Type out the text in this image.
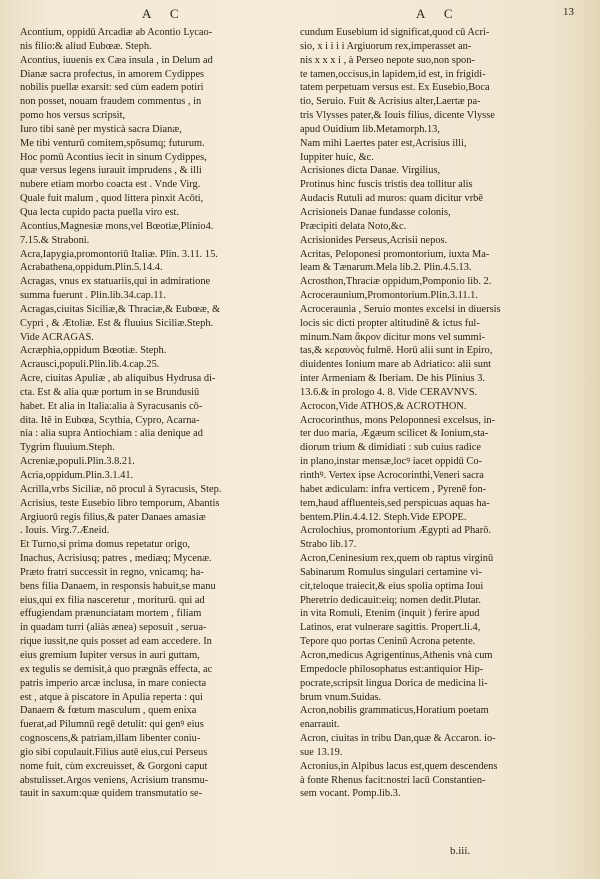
A C	A C	13
Acontium, oppidū Arcadiæ ab Acontio Lycao-
nis filio:& aliud Eubœæ. Steph.
Acontius, iuuenis ex Cæa insula , in Delum ad
Dianæ sacra profectus, in amorem Cydippes
nobilis puellæ exarsit: sed cùm eadem potiri
non posset, nouam fraudem commentus , in
pomo hos versus scripsit,
Iuro tibi sanè per mysticà sacra Dianæ,
Me tibi venturū comitem,spōsumq; futurum.
Hoc pomū Acontius iecit in sinum Cydippes,
quæ versus legens iurauit imprudens , & illi
nubere etiam morbo coacta est . Vnde Virg.
Quale fuit malum , quod littera pinxit Acōti,
Qua lecta cupido pacta puella viro est.
Acontius,Magnesiæ mons,vel Bœotiæ,Plinio4.
7.15.& Straboni.
Acra,Iapygia,promontoriū Italiæ. Plin. 3.11. 15.
Acrabathena,oppidum.Plin.5.14.4.
Acragas, vnus ex statuariis,qui in admiratione
summa fuerunt . Plin.lib.34.cap.11.
Acragas,ciuitas Siciliæ,& Thraciæ,& Eubœæ, &
Cypri , & Ætoliæ. Est & fluuius Siciliæ.Steph.
Vide ACRAGAS.
Acræphia,oppidum Bœotiæ. Steph.
Acrausci,populi.Plin.lib.4.cap.25.
Acre, ciuitas Apuliæ , ab aliquibus Hydrusa di-
cta. Est & alia quæ portum in se Brundusiū
habet. Et alia in Italia:alia à Syracusanis cō-
dita. Itē in Eubœa, Scythia, Cypro, Acarna-
nia : alia supra Antiochiam : alia denique ad
Tygrim fluuium.Steph.
Acreniæ,populi.Plin.3.8.21.
Acria,oppidum.Plin.3.1.41.
Acrilla,vrbs Siciliæ, nō procul à Syracusis, Step.
Acrisius, teste Eusebio libro temporum, Abantis
Argiuorū regis filius,& pater Danaes amasiæ
. Iouis. Virg.7.Æneid.
Et Turno,si prima domus repetatur origo,
Inachus, Acrisiusq; patres , mediæq; Mycenæ.
Præto fratri successit in regno, vnicamq; ha-
bens filia Danaem, in responsis habuit,se manu
eius,qui ex filia nasceretur , moriturū. qui ad
effugiendam prænunciatam mortem , filiam
in quadam turri (aliàs ænea) seposuit , serua-
rique iussit,ne quis posset ad eam accedere. In
eius gremium Iupiter versus in auri guttam,
ex tegulis se demisit,à quo prægnās effecta, ac
patris imperio arcæ inclusa, in mare coniecta
est , atque à piscatore in Apulia reperta : qui
Danaem & fœtum masculum , quem enixa
fuerat,ad Pilumnū regē detulit: qui genꝰ eius
cognoscens,& patriam,illam libenter coniu-
gio sibi copulauit.Filius autē eius,cui Perseus
nome fuit, cùm excreuisset, & Gorgoni caput
abstulisset.Argos veniens, Acrisium transmu-
tauit in saxum:quæ quidem transmutatio se-
cundum Eusebium id significat,quod cū Acri-
sio, x i i i i Argiuorum rex,imperasset an-
nis x x x i , à Perseo nepote suo,non spon-
te tamen,occisus,in lapidem,id est, in frigidi-
tatem perpetuam versus est. Ex Eusebio,Boca
tio, Seruio. Fuit & Acrisius alter,Laertæ pa-
tris Vlysses pater,& Iouis filius, dicente Vlysse
apud Ouidium lib.Metamorph.13,
Nam mihi Laertes pater est,Acrisius illi,
Iuppiter huic, &c.
Acrisiones dicta Danae. Virgilius,
Protinus hinc fuscis tristis dea tollitur alis
Audacis Rutuli ad muros: quam dicitur vrbē
Acrisioneis Danae fundasse colonis,
Præcipiti delata Noto,&c.
Acrisionides Perseus,Acrisii nepos.
Acritas, Peloponesi promontorium, iuxta Ma-
leam & Tænarum.Mela lib.2. Plin.4.5.13.
Acrosthon,Thraciæ oppidum,Pomponio lib. 2.
Acroceraunium,Promontorium.Plin.3.11.1.
Acroceraunia , Seruio montes excelsi in diuersis
locis sic dicti propter altitudinē & ictus ful-
minum.Nam ἄκρον dicitur mons vel summi-
tas,& κεραυνὸς fulmē. Horū alii sunt in Epiro,
diuidentes Ionium mare ab Adriatico: alii sunt
inter Armeniam & Iberiam. De his Plinius 3.
13.6.& in prologo 4. 8. Vide CERAVNVS.
Acrocon,Vide ATHOS,& ACROTHON.
Acrocorinthus, mons Peloponnesi excelsus, in-
ter duo maria, Ægæum scilicet & Ionium,sta-
diorum trium & dimidiati : sub cuius radice
in plano,instar mensæ,locꝰ iacet oppidū Co-
rinthꝰ. Vertex ipse Acrocorinthi,Veneri sacra
habet ædiculam: infra verticem , Pyrenē fon-
tem,haud affluenteis,sed perspicuas aquas ha-
bentem.Plin.4.4.12. Steph.Vide EPOPE.
Acrolochius, promontorium Ægypti ad Pharō.
Strabo lib.17.
Acron,Ceninesium rex,quem ob raptus virginū
Sabinarum Romulus singulari certamine vi-
cit,teloque traiecit,& eius spolia optima Ioui
Pheretrio dedicauit:eiq; nomen dedit.Plutar.
in vita Romuli, Etenim (inquit ) ferire apud
Latinos, erat vulnerare sagittis. Propert.li.4,
Tepore quo portas Ceninū Acrona petente.
Acron,medicus Agrigentinus,Athenis vnà cum
Empedocle philosophatus est:antiquior Hip-
pocrate,scripsit lingua Dorica de medicina li-
brum vnum.Suidas.
Acron,nobilis grammaticus,Horatium poetam
enarrauit.
Acron, ciuitas in tribu Dan,quæ & Accaron. io-
sue 13.19.
Acronius,in Alpibus lacus est,quem descendens
à fonte Rhenus facit:nostri lacū Constantien-
sem vocant. Pomp.lib.3.
b.iii.
